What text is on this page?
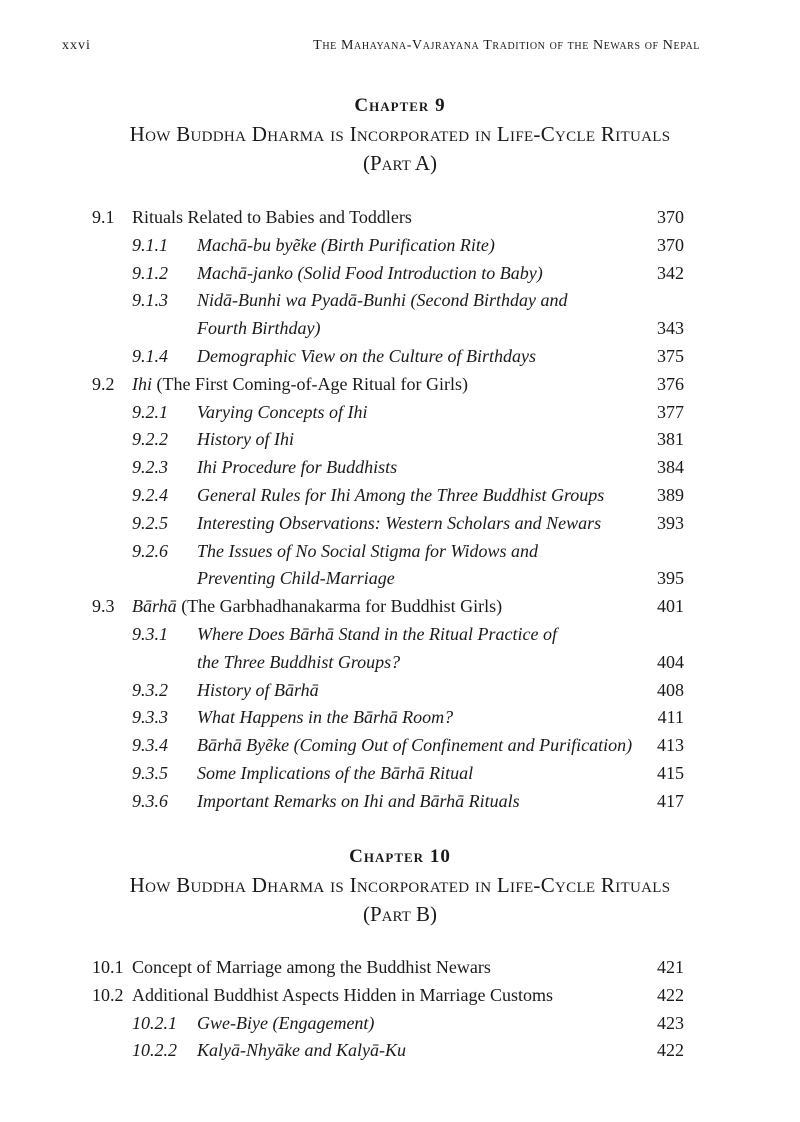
xxvi	The Mahayana-Vajrayana Tradition of the Newars of Nepal
Chapter 9
How Buddha Dharma is Incorporated in Life-Cycle Rituals
(Part A)
9.1 Rituals Related to Babies and Toddlers	370
9.1.1 Machā-bu byẽke (Birth Purification Rite)	370
9.1.2 Machā-janko (Solid Food Introduction to Baby)	342
9.1.3 Nidā-Bunhi wa Pyadā-Bunhi (Second Birthday and
Fourth Birthday)	343
9.1.4 Demographic View on the Culture of Birthdays	375
9.2 Ihi (The First Coming-of-Age Ritual for Girls)	376
9.2.1 Varying Concepts of Ihi	377
9.2.2 History of Ihi	381
9.2.3 Ihi Procedure for Buddhists	384
9.2.4 General Rules for Ihi Among the Three Buddhist Groups	389
9.2.5 Interesting Observations: Western Scholars and Newars	393
9.2.6 The Issues of No Social Stigma for Widows and
Preventing Child-Marriage	395
9.3 Bārhā (The Garbhadhanakarma for Buddhist Girls)	401
9.3.1 Where Does Bārhā Stand in the Ritual Practice of
the Three Buddhist Groups?	404
9.3.2 History of Bārhā	408
9.3.3 What Happens in the Bārhā Room?	411
9.3.4 Bārhā Byẽke (Coming Out of Confinement and Purification) 413
9.3.5 Some Implications of the Bārhā Ritual	415
9.3.6 Important Remarks on Ihi and Bārhā Rituals	417
Chapter 10
How Buddha Dharma is Incorporated in Life-Cycle Rituals
(Part B)
10.1 Concept of Marriage among the Buddhist Newars	421
10.2 Additional Buddhist Aspects Hidden in Marriage Customs	422
10.2.1 Gwe-Biye (Engagement)	423
10.2.2 Kalyā-Nhyāke and Kalyā-Ku	422
